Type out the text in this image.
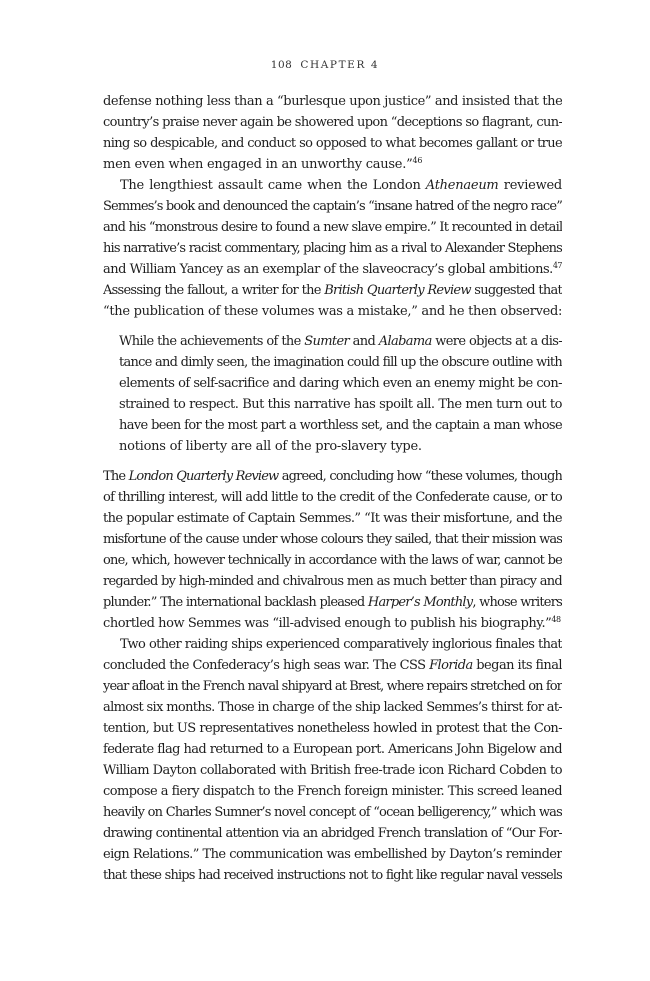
108 CHAPTER 4
defense nothing less than a “burlesque upon justice” and insisted that the
country’s praise never again be showered upon “deceptions so flagrant, cun-
ning so despicable, and conduct so opposed to what becomes gallant or true
men even when engaged in an unworthy cause.”$^{46}$
The lengthiest assault came when the London Athenaeum reviewed
Semmes’s book and denounced the captain’s “insane hatred of the negro race”
and his “monstrous desire to found a new slave empire.” It recounted in detail
his narrative’s racist commentary, placing him as a rival to Alexander Stephens
and William Yancey as an exemplar of the slaveocracy’s global ambitions.$^{47}$
Assessing the fallout, a writer for the British Quarterly Review suggested that
“the publication of these volumes was a mistake,” and he then observed:
While the achievements of the Sumter and Alabama were objects at a dis-
tance and dimly seen, the imagination could fill up the obscure outline with
elements of self-sacrifice and daring which even an enemy might be con-
strained to respect. But this narrative has spoilt all. The men turn out to
have been for the most part a worthless set, and the captain a man whose
notions of liberty are all of the pro-slavery type.
The London Quarterly Review agreed, concluding how “these volumes, though
of thrilling interest, will add little to the credit of the Confederate cause, or to
the popular estimate of Captain Semmes.” “It was their misfortune, and the
misfortune of the cause under whose colours they sailed, that their mission was
one, which, however technically in accordance with the laws of war, cannot be
regarded by high-minded and chivalrous men as much better than piracy and
plunder.” The international backlash pleased Harper’s Monthly, whose writers
chortled how Semmes was “ill-advised enough to publish his biography.”$^{48}$
Two other raiding ships experienced comparatively inglorious finales that
concluded the Confederacy’s high seas war. The CSS Florida began its final
year afloat in the French naval shipyard at Brest, where repairs stretched on for
almost six months. Those in charge of the ship lacked Semmes’s thirst for at-
tention, but US representatives nonetheless howled in protest that the Con-
federate flag had returned to a European port. Americans John Bigelow and
William Dayton collaborated with British free-trade icon Richard Cobden to
compose a fiery dispatch to the French foreign minister. This screed leaned
heavily on Charles Sumner’s novel concept of “ocean belligerency,” which was
drawing continental attention via an abridged French translation of “Our For-
eign Relations.” The communication was embellished by Dayton’s reminder
that these ships had received instructions not to fight like regular naval vessels
